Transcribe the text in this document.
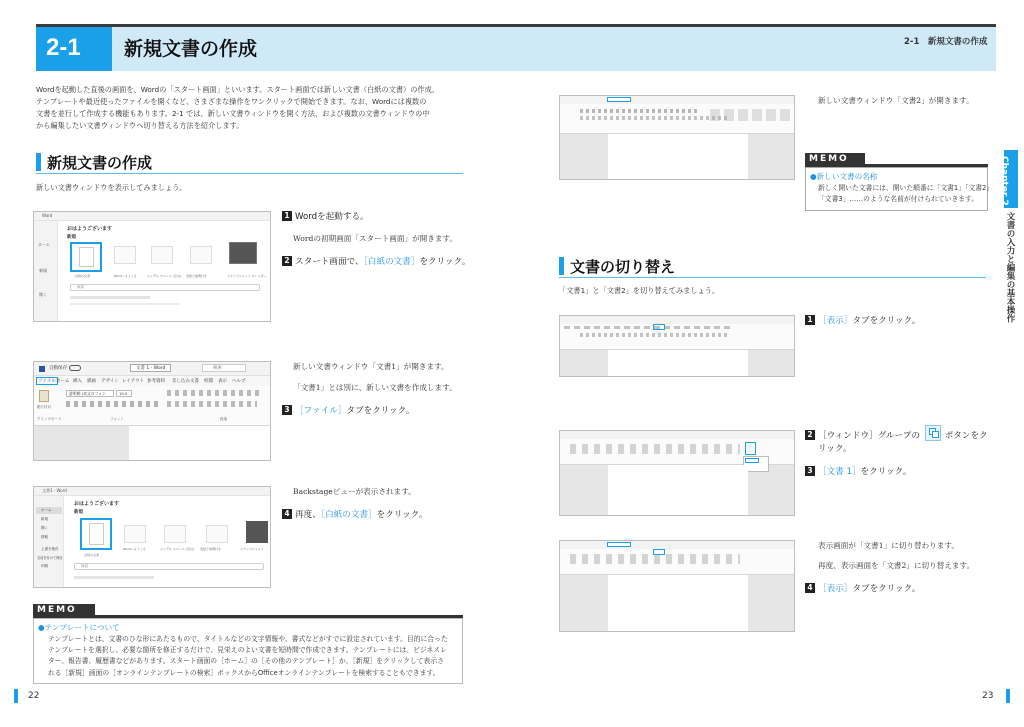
2-1 新規文書の作成
Wordを起動した直後の画面を、Wordの「スタート画面」といいます。スタート画面では新しい文書（白紙の文書）の作成、
テンプレートや最近使ったファイルを開くなど、さまざまな操作をワンクリックで開始できます。なお、Wordには複数の
文書を並行して作成する機能もあります。2-1 では、新しい文書ウィンドウを開く方法、および複数の文書ウィンドウの中
から編集したい文書ウィンドウへ切り替える方法を紹介します。
新規文書の作成
新しい文書ウィンドウを表示してみましょう。
Word
ホーム
新規
開く
おはようございます
新規
白紙の文書	Wordへようこそ	シングル スペース (空白) 表紙と説明付き	スナップショット カレンダー
検索
1 Wordを起動する。
Wordの初期画面「スタート画面」が開きます。
2 スタート画面で、［白紙の文書］をクリック。
自動保存	文書 1 - Word	検索
ファイル ホーム 挿入 描画 デザイン レイアウト 参考資料 差し込み文書 校閲 表示 ヘルプ
貼り付け
游明朝 (本文のフォン	10.5
クリップボード	フォント	段落
新しい文書ウィンドウ「文書1」が開きます。
「文書1」とは別に、新しい文書を作成します。
3 ［ファイル］タブをクリック。
文書1 - Word
ホーム
新規
開く
情報
上書き保存
名前を付けて保存
印刷
おはようございます
新規
白紙の文書
Wordへようこそ	シングル スペース (空白) 表紙と説明付き	スナップショット
検索
Backstageビューが表示されます。
4 再度、［白紙の文書］をクリック。
MEMO
●テンプレートについて
テンプレートとは、文書のひな形にあたるもので、タイトルなどの文字情報や、書式などがすでに設定されています。目的に合った
テンプレートを選択し、必要な箇所を修正するだけで、見栄えのよい文書を短時間で作成できます。テンプレートには、ビジネスレ
ター、報告書、履歴書などがあります。スタート画面の［ホーム］の［その他のテンプレート］か、［新規］をクリックして表示さ
れる［新規］画面の［オンラインテンプレートの検索］ボックスからOfficeオンラインテンプレートを検索することもできます。
22
2-1　新規文書の作成
新しい文書ウィンドウ「文書2」が開きます。
MEMO
●新しい文書の名称
新しく開いた文書には、開いた順番に「文書1」「文書2」
「文書3」……のような名前が付けられていきます。	Chapter 2
文書の入力と編集の基本操作
文書の切り替え
「文書1」と「文書2」を切り替えてみましょう。
1 ［表示］タブをクリック。
2 ［ウィンドウ］グループの	ボタンをク
リック。
3 ［文書 1］をクリック。
表示画面が「文書1」に切り替わります。
再度、表示画面を「文書2」に切り替えます。
4 ［表示］タブをクリック。
23
